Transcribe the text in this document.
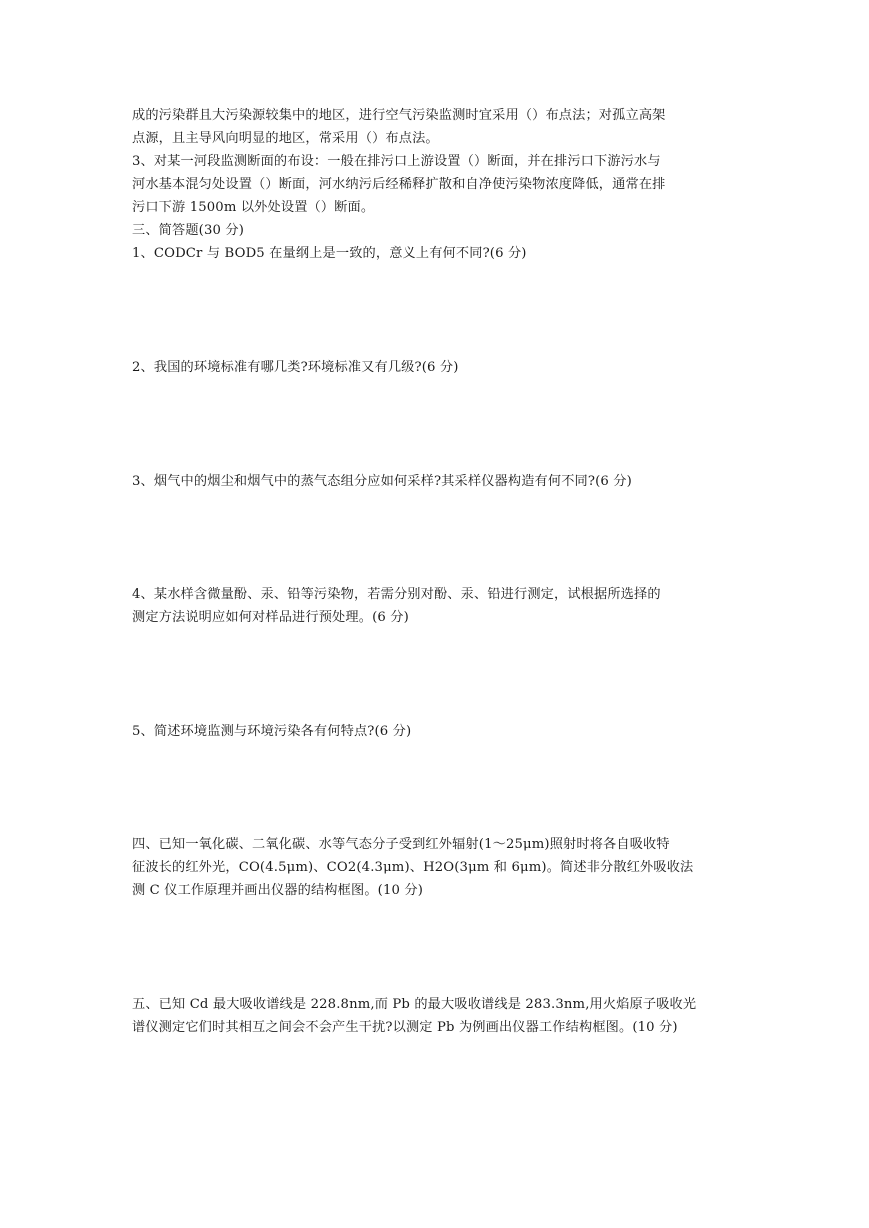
成的污染群且大污染源较集中的地区，进行空气污染监测时宜采用（）布点法；对孤立高架
点源，且主导风向明显的地区，常采用（）布点法。
3、对某一河段监测断面的布设：一般在排污口上游设置（）断面，并在排污口下游污水与
河水基本混匀处设置（）断面，河水纳污后经稀释扩散和自净使污染物浓度降低，通常在排
污口下游 1500m 以外处设置（）断面。
三、简答题(30 分)
1、CODCr 与 BOD5 在量纲上是一致的，意义上有何不同?(6 分)
2、我国的环境标准有哪几类?环境标准又有几级?(6 分)
3、烟气中的烟尘和烟气中的蒸气态组分应如何采样?其采样仪器构造有何不同?(6 分)
4、某水样含微量酚、汞、铅等污染物，若需分别对酚、汞、铅进行测定，试根据所选择的
测定方法说明应如何对样品进行预处理。(6 分)
5、简述环境监测与环境污染各有何特点?(6 分)
四、已知一氧化碳、二氧化碳、水等气态分子受到红外辐射(1～25μm)照射时将各自吸收特
征波长的红外光，CO(4.5μm)、CO2(4.3μm)、H2O(3μm 和 6μm)。简述非分散红外吸收法
测 C 仪工作原理并画出仪器的结构框图。(10 分)
五、已知 Cd 最大吸收谱线是 228.8nm,而 Pb 的最大吸收谱线是 283.3nm,用火焰原子吸收光
谱仪测定它们时其相互之间会不会产生干扰?以测定 Pb 为例画出仪器工作结构框图。(10 分)
